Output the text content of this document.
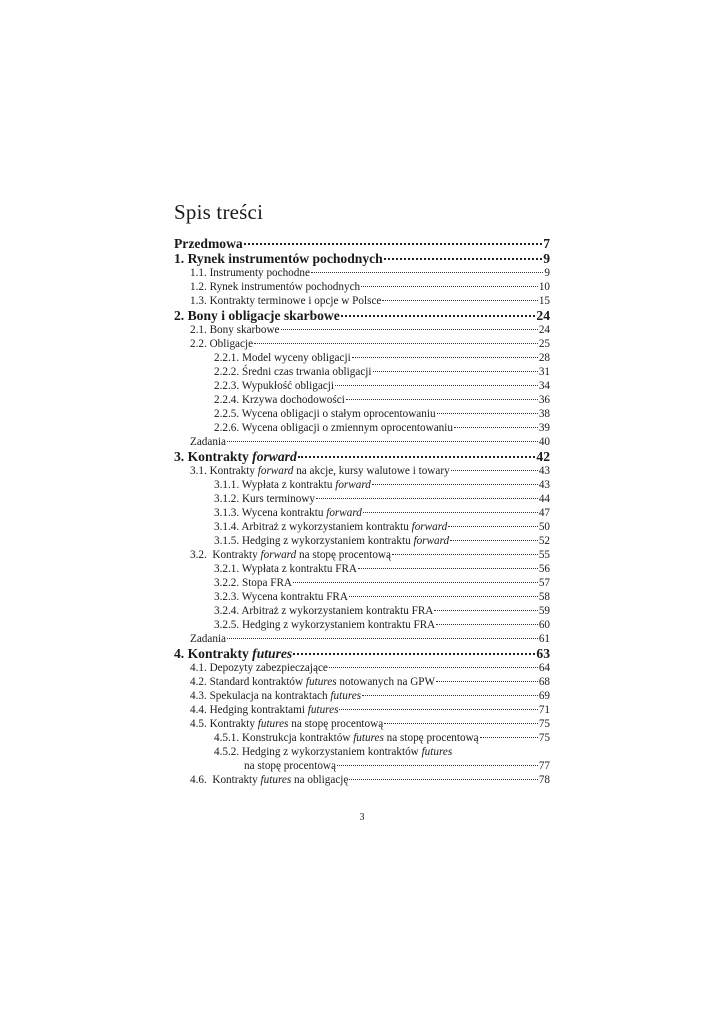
Spis treści
Przedmowa	7
1. Rynek instrumentów pochodnych	9
1.1. Instrumenty pochodne	9
1.2. Rynek instrumentów pochodnych	10
1.3. Kontrakty terminowe i opcje w Polsce	15
2. Bony i obligacje skarbowe	24
2.1. Bony skarbowe	24
2.2. Obligacje	25
2.2.1. Model wyceny obligacji	28
2.2.2. Średni czas trwania obligacji	31
2.2.3. Wypukłość obligacji	34
2.2.4. Krzywa dochodowości	36
2.2.5. Wycena obligacji o stałym oprocentowaniu	38
2.2.6. Wycena obligacji o zmiennym oprocentowaniu	39
Zadania	40
3. Kontrakty forward	42
3.1. Kontrakty forward na akcje, kursy walutowe i towary	43
3.1.1. Wypłata z kontraktu forward	43
3.1.2. Kurs terminowy	44
3.1.3. Wycena kontraktu forward	47
3.1.4. Arbitraż z wykorzystaniem kontraktu forward	50
3.1.5. Hedging z wykorzystaniem kontraktu forward	52
3.2.  Kontrakty forward na stopę procentową	55
3.2.1. Wypłata z kontraktu FRA	56
3.2.2. Stopa FRA	57
3.2.3. Wycena kontraktu FRA	58
3.2.4. Arbitraż z wykorzystaniem kontraktu FRA	59
3.2.5. Hedging z wykorzystaniem kontraktu FRA	60
Zadania	61
4. Kontrakty futures	63
4.1. Depozyty zabezpieczające	64
4.2. Standard kontraktów futures notowanych na GPW	68
4.3. Spekulacja na kontraktach futures	69
4.4. Hedging kontraktami futures	71
4.5. Kontrakty futures na stopę procentową	75
4.5.1. Konstrukcja kontraktów futures na stopę procentową	75
4.5.2. Hedging z wykorzystaniem kontraktów futures
na stopę procentową	77
4.6.  Kontrakty futures na obligację	78
3
